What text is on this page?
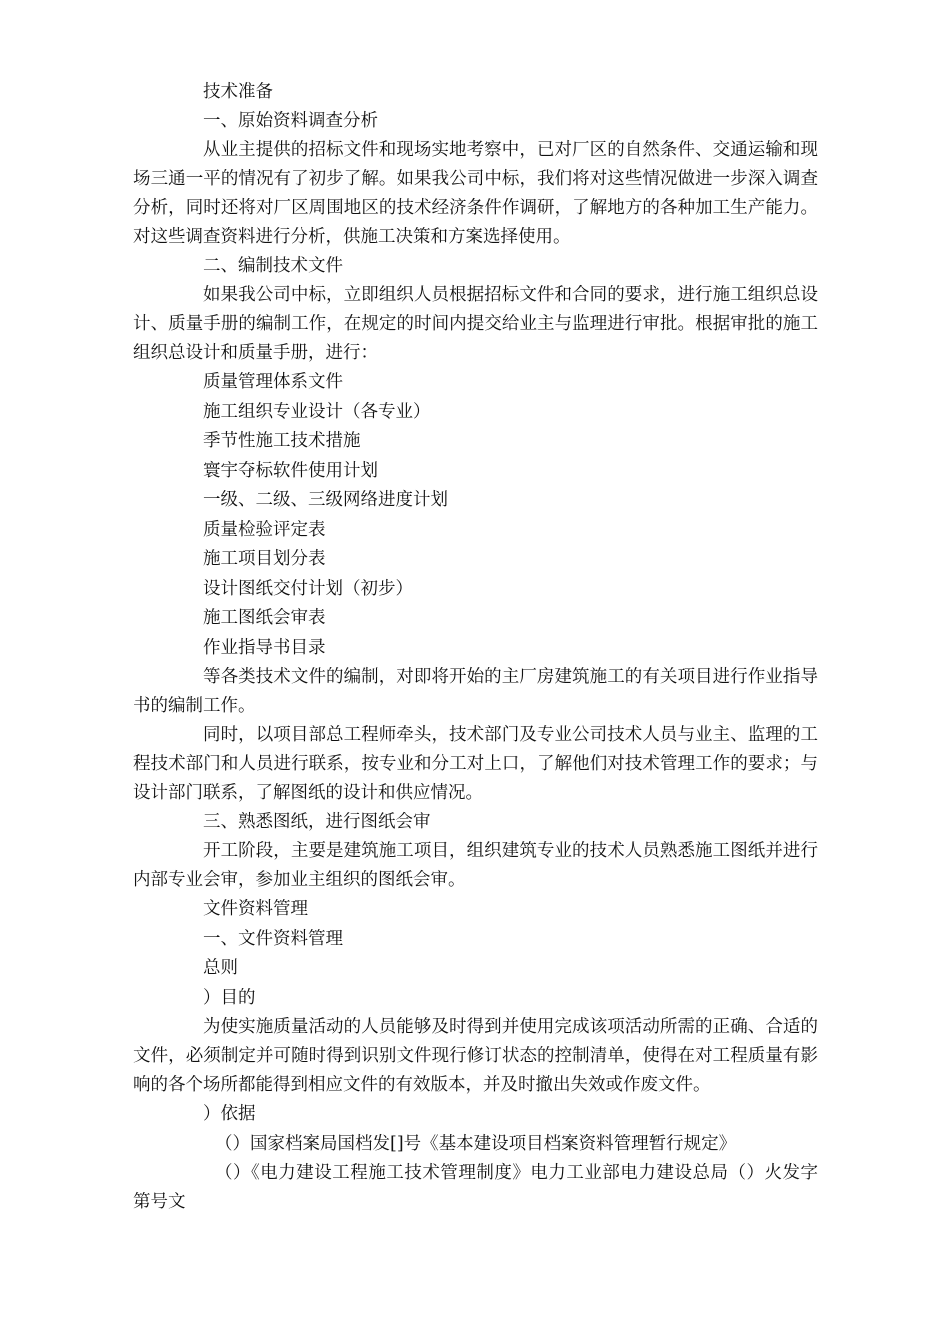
技术准备

一、原始资料调查分析

从业主提供的招标文件和现场实地考察中，已对厂区的自然条件、交通运输和现场三通一平的情况有了初步了解。如果我公司中标，我们将对这些情况做进一步深入调查分析，同时还将对厂区周围地区的技术经济条件作调研，了解地方的各种加工生产能力。对这些调查资料进行分析，供施工决策和方案选择使用。

二、编制技术文件

如果我公司中标，立即组织人员根据招标文件和合同的要求，进行施工组织总设计、质量手册的编制工作，在规定的时间内提交给业主与监理进行审批。根据审批的施工组织总设计和质量手册，进行：

质量管理体系文件

施工组织专业设计（各专业）

季节性施工技术措施

寰宇夺标软件使用计划

一级、二级、三级网络进度计划

质量检验评定表

施工项目划分表

设计图纸交付计划（初步）

施工图纸会审表

作业指导书目录

等各类技术文件的编制，对即将开始的主厂房建筑施工的有关项目进行作业指导书的编制工作。

同时，以项目部总工程师牵头，技术部门及专业公司技术人员与业主、监理的工程技术部门和人员进行联系，按专业和分工对上口，了解他们对技术管理工作的要求；与设计部门联系，了解图纸的设计和供应情况。

三、熟悉图纸，进行图纸会审

开工阶段，主要是建筑施工项目，组织建筑专业的技术人员熟悉施工图纸并进行内部专业会审，参加业主组织的图纸会审。

文件资料管理

一、文件资料管理

总则

）目的

为使实施质量活动的人员能够及时得到并使用完成该项活动所需的正确、合适的文件，必须制定并可随时得到识别文件现行修订状态的控制清单，使得在对工程质量有影响的各个场所都能得到相应文件的有效版本，并及时撤出失效或作废文件。

）依据

（）国家档案局国档发[]号《基本建设项目档案资料管理暂行规定》

（）《电力建设工程施工技术管理制度》电力工业部电力建设总局（）火发字第号文
